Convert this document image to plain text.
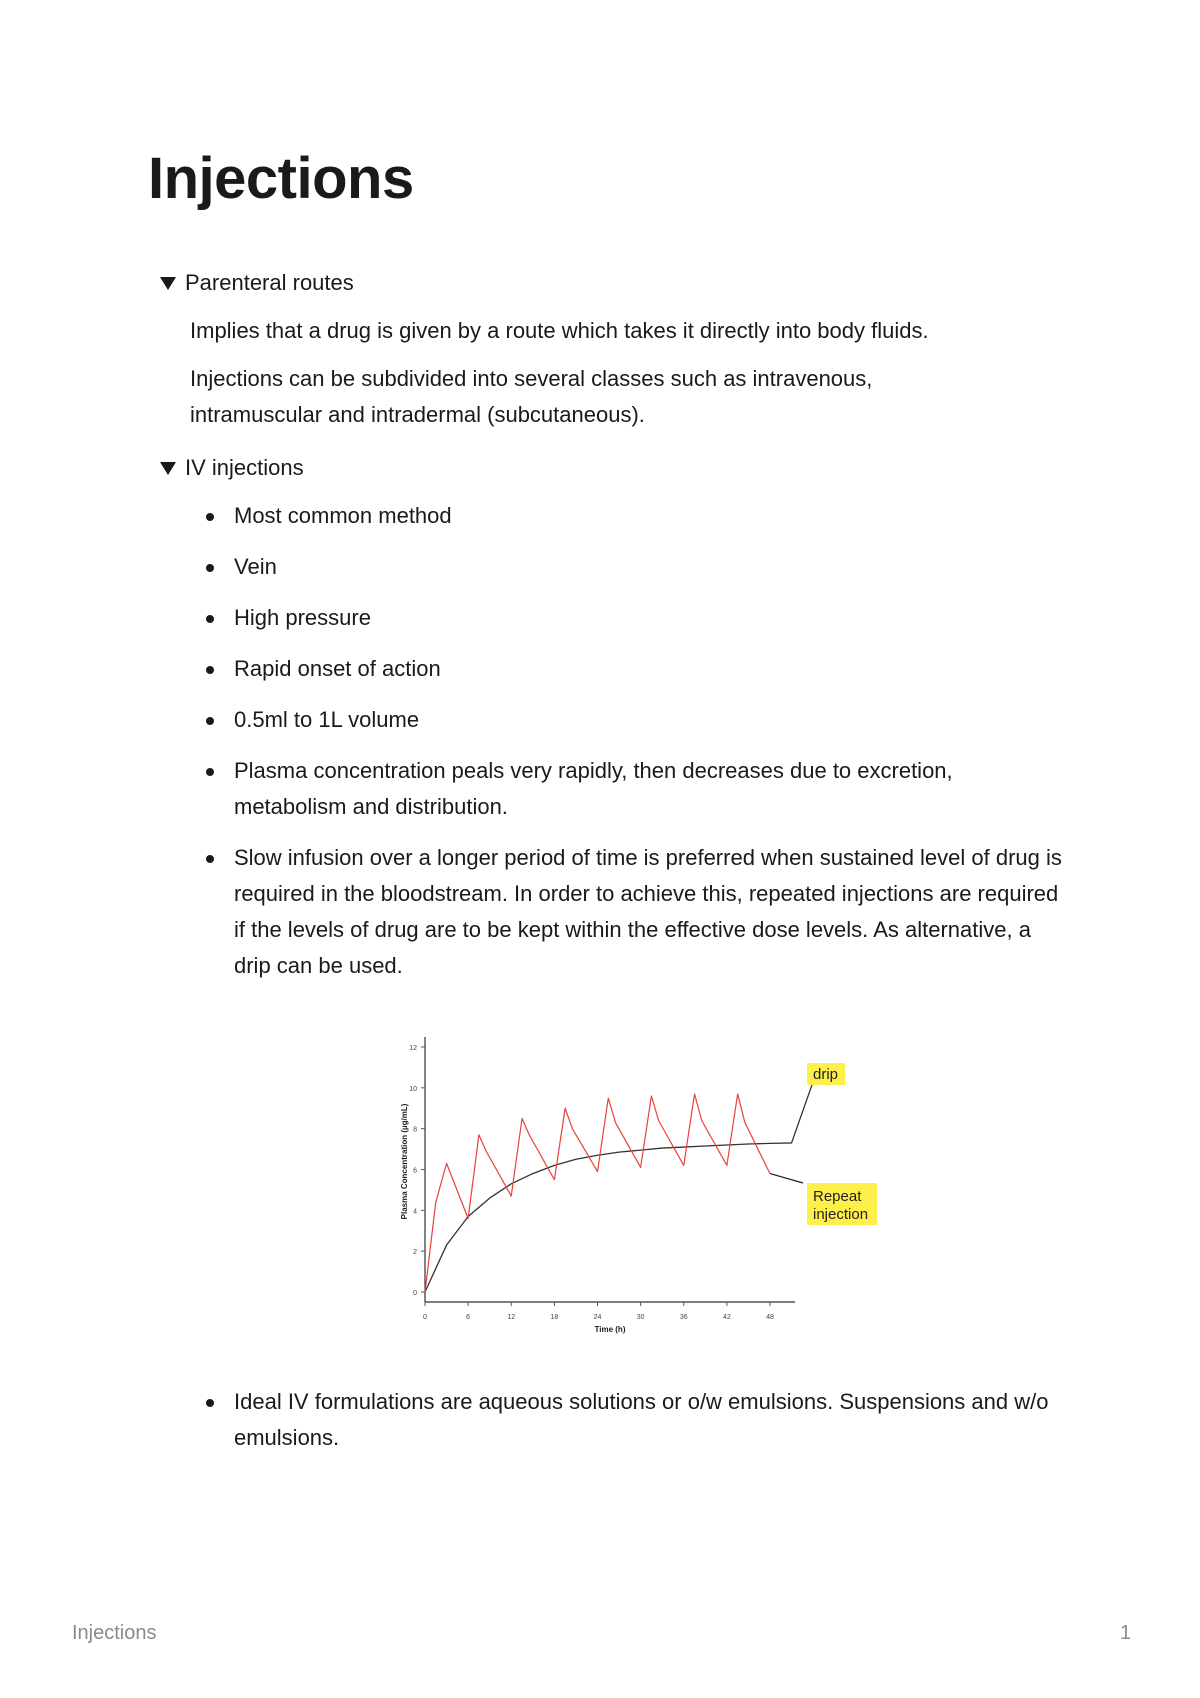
Injections
Parenteral routes

Implies that a drug is given by a route which takes it directly into body fluids.

Injections can be subdivided into several classes such as intravenous, intramuscular and intradermal (subcutaneous).

IV injections
Most common method
Vein
High pressure
Rapid onset of action
0.5ml to 1L volume
Plasma concentration peals very rapidly, then decreases due to excretion, metabolism and distribution.
Slow infusion over a longer period of time is preferred when sustained level of drug is required in the bloodstream. In order to achieve this, repeated injections are required if the levels of drug are to be kept within the effective dose levels. As alternative, a drip can be used.
0
2
4
6
8
10
12
0	6	12	18	24	30	36	42	48
Time (h)
Plasma Concentration (µg/mL)
drip
Repeat injection
Ideal IV formulations are aqueous solutions or o/w emulsions. Suspensions and w/o emulsions.
Injections	1
